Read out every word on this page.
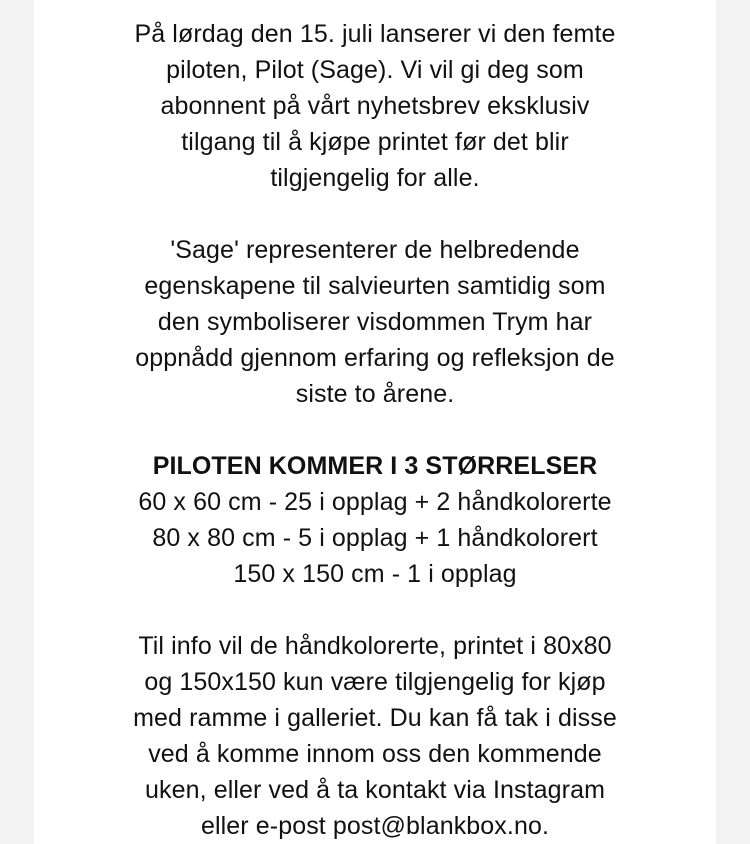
På lørdag den 15. juli lanserer vi den femte
piloten, Pilot (Sage). Vi vil gi deg som
abonnent på vårt nyhetsbrev eksklusiv
tilgang til å kjøpe printet før det blir
tilgjengelig for alle.

'Sage' representerer de helbredende
egenskapene til salvieurten samtidig som
den symboliserer visdommen Trym har
oppnådd gjennom erfaring og refleksjon de
siste to årene.

PILOTEN KOMMER I 3 STØRRELSER
60 x 60 cm - 25 i opplag + 2 håndkolorerte
80 x 80 cm - 5 i opplag + 1 håndkolorert
150 x 150 cm - 1 i opplag

Til info vil de håndkolorerte, printet i 80x80
og 150x150 kun være tilgjengelig for kjøp
med ramme i galleriet. Du kan få tak i disse
ved å komme innom oss den kommende
uken, eller ved å ta kontakt via Instagram
eller e-post post@blankbox.no.
